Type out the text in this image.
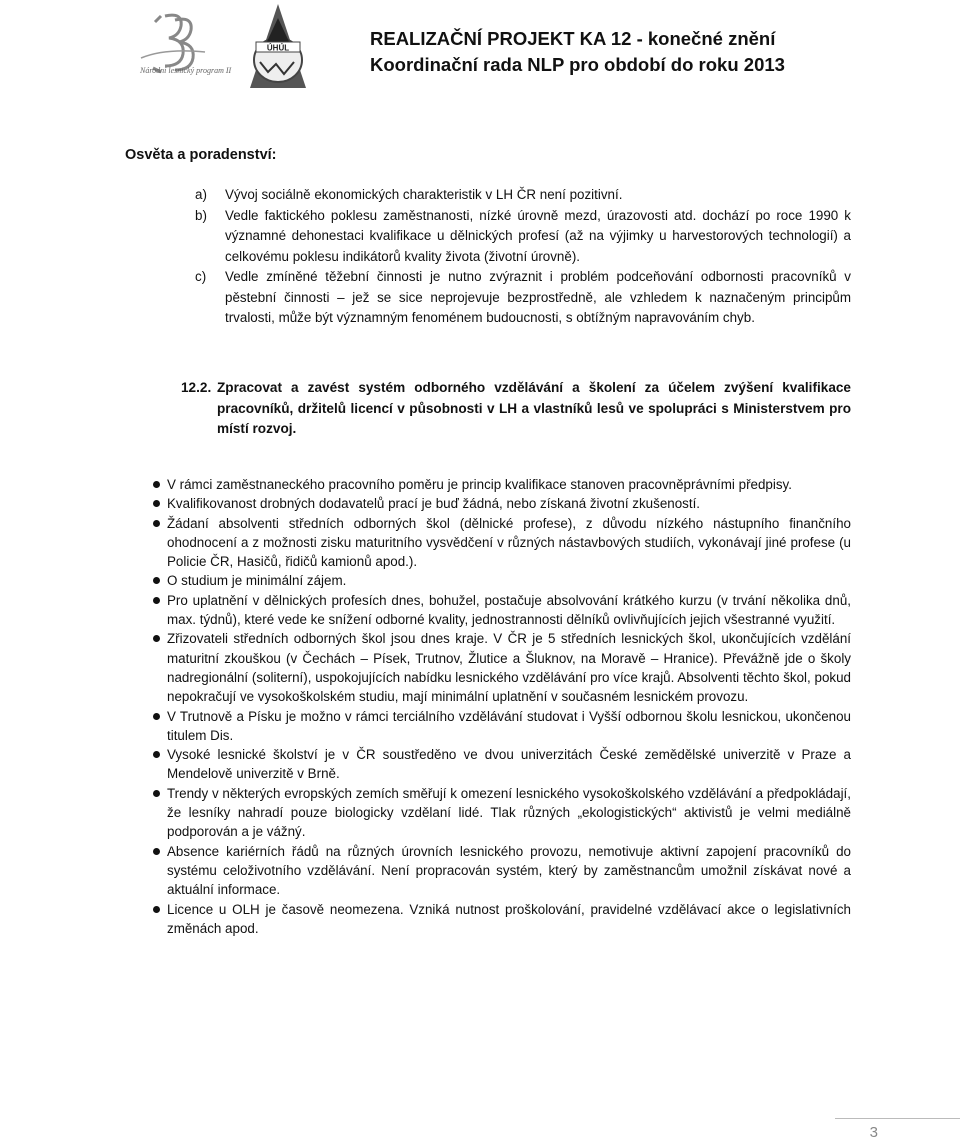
Národní lesnický program II
ÚHÚL	REALIZAČNÍ PROJEKT KA 12 - konečné znění
Koordinační rada NLP pro období do roku 2013
Osvěta a poradenství:
a) Vývoj sociálně ekonomických charakteristik v LH ČR není pozitivní.
b) Vedle faktického poklesu zaměstnanosti, nízké úrovně mezd, úrazovosti atd. dochází po roce 1990 k významné dehonestaci kvalifikace u dělnických profesí (až na výjimky u harvestorových technologií) a celkovému poklesu indikátorů kvality života (životní úrovně).
c) Vedle zmíněné těžební činnosti je nutno zvýraznit i problém podceňování odbornosti pracovníků v pěstební činnosti – jež se sice neprojevuje bezprostředně, ale vzhledem k naznačeným principům trvalosti, může být významným fenoménem budoucnosti, s obtížným napravováním chyb.
12.2. Zpracovat a zavést systém odborného vzdělávání a školení za účelem zvýšení kvalifikace pracovníků, držitelů licencí v působnosti v LH a vlastníků lesů ve spolupráci s Ministerstvem pro místí rozvoj.
V rámci zaměstnaneckého pracovního poměru je princip kvalifikace stanoven pracovněprávními předpisy.
Kvalifikovanost drobných dodavatelů prací je buď žádná, nebo získaná životní zkušeností.
Žádaní absolventi středních odborných škol (dělnické profese), z důvodu nízkého nástupního finančního ohodnocení a z možnosti zisku maturitního vysvědčení v různých nástavbových studiích, vykonávají jiné profese (u Policie ČR, Hasičů, řidičů kamionů apod.).
O studium je minimální zájem.
Pro uplatnění v dělnických profesích dnes, bohužel, postačuje absolvování krátkého kurzu (v trvání několika dnů, max. týdnů), které vede ke snížení odborné kvality, jednostrannosti dělníků ovlivňujících jejich všestranné využití.
Zřizovateli středních odborných škol jsou dnes kraje. V ČR je 5 středních lesnických škol, ukončujících vzdělání maturitní zkouškou (v Čechách – Písek, Trutnov, Žlutice a Šluknov, na Moravě – Hranice). Převážně jde o školy nadregionální (soliterní), uspokojujících nabídku lesnického vzdělávání pro více krajů. Absolventi těchto škol, pokud nepokračují ve vysokoškolském studiu, mají minimální uplatnění v současném lesnickém provozu.
V Trutnově a Písku je možno v rámci terciálního vzdělávání studovat i Vyšší odbornou školu lesnickou, ukončenou titulem Dis.
Vysoké lesnické školství je v ČR soustředěno ve dvou univerzitách České zemědělské univerzitě v Praze a Mendelově univerzitě v Brně.
Trendy v některých evropských zemích směřují k omezení lesnického vysokoškolského vzdělávání a předpokládají, že lesníky nahradí pouze biologicky vzdělaní lidé. Tlak různých „ekologistických“ aktivistů je velmi mediálně podporován a je vážný.
Absence kariérních řádů na různých úrovních lesnického provozu, nemotivuje aktivní zapojení pracovníků do systému celoživotního vzdělávání. Není propracován systém, který by zaměstnancům umožnil získávat nové a aktuální informace.
Licence u OLH je časově neomezena. Vzniká nutnost proškolování, pravidelné vzdělávací akce o legislativních změnách apod.
3
